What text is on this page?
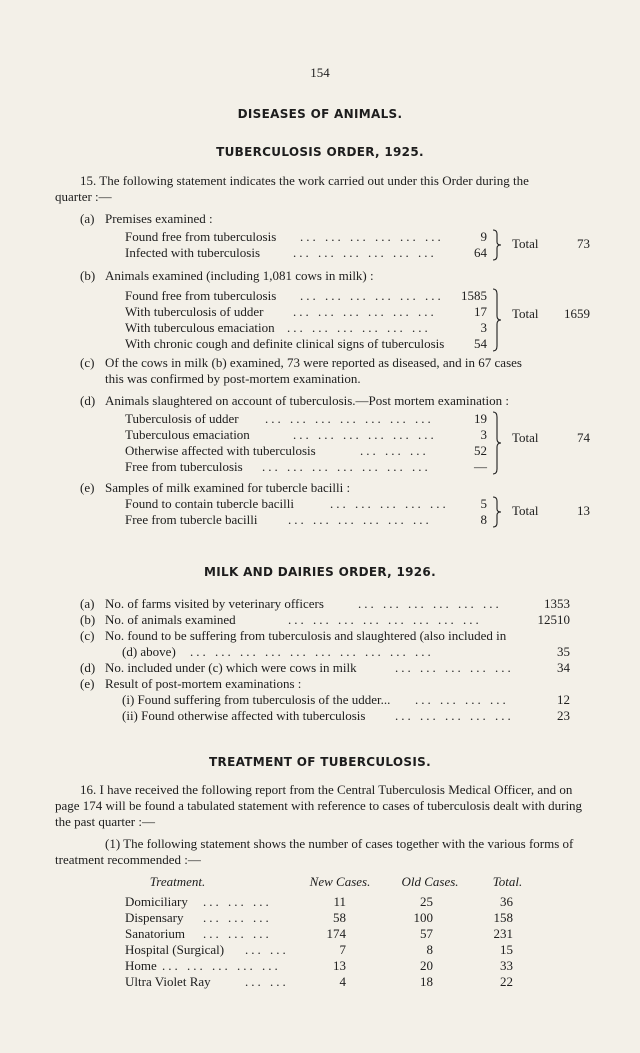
154
DISEASES OF ANIMALS.
TUBERCULOSIS ORDER, 1925.
15. The following statement indicates the work carried out under this Order during the
quarter :—
(a) Premises examined :
Found free from tuberculosis ... ... ... ... ... ...	9
Infected with tuberculosis	... ... ... ... ... ...	64
Total	73
(b) Animals examined (including 1,081 cows in milk) :
Found free from tuberculosis ... ... ... ... ... ...	1585
With tuberculosis of udder ... ... ... ... ... ...	17
With tuberculous emaciation ... ... ... ... ... ...	3
With chronic cough and definite clinical signs of tuberculosis	54
Total	1659
(c) Of the cows in milk (b) examined, 73 were reported as diseased, and in 67 cases
this was confirmed by post-mortem examination.
(d) Animals slaughtered on account of tuberculosis.—Post mortem examination :
Tuberculosis of udder ... ... ... ... ... ... ...	19
Tuberculous emaciation	... ... ... ... ... ...	3
Otherwise affected with tuberculosis	... ... ...	52
Free from tuberculosis ... ... ... ... ... ... ...	—
Total	74
(e) Samples of milk examined for tubercle bacilli :
Found to contain tubercle bacilli	... ... ... ... ...	5
Free from tubercle bacilli ... ... ... ... ... ...	8
Total	13
MILK AND DAIRIES ORDER, 1926.
(a) No. of farms visited by veterinary officers	... ... ... ... ... ...	1353
(b) No. of animals examined	... ... ... ... ... ... ... ...	12510
(c) No. found to be suffering from tuberculosis and slaughtered (also included in
(d) above) ... ... ... ... ... ... ... ... ... ...	35
(d) No. included under (c) which were cows in milk	... ... ... ... ...	34
(e) Result of post-mortem examinations :
(i) Found suffering from tuberculosis of the udder... ... ... ... ...	12
(ii) Found otherwise affected with tuberculosis ... ... ... ... ...	23
TREATMENT OF TUBERCULOSIS.
16. I have received the following report from the Central Tuberculosis Medical Officer, and on
page 174 will be found a tabulated statement with reference to cases of tuberculosis dealt with during
the past quarter :—
(1) The following statement shows the number of cases together with the various forms of
treatment recommended :—
Treatment.	New Cases.	Old Cases.	Total.
Domiciliary ... ... ...	11	25	36
Dispensary ... ... ...	58	100	158
Sanatorium ... ... ...	174	57	231
Hospital (Surgical) ... ...	7	8	15
Home ... ... ... ... ...	13	20	33
Ultra Violet Ray	... ...	4	18	22
